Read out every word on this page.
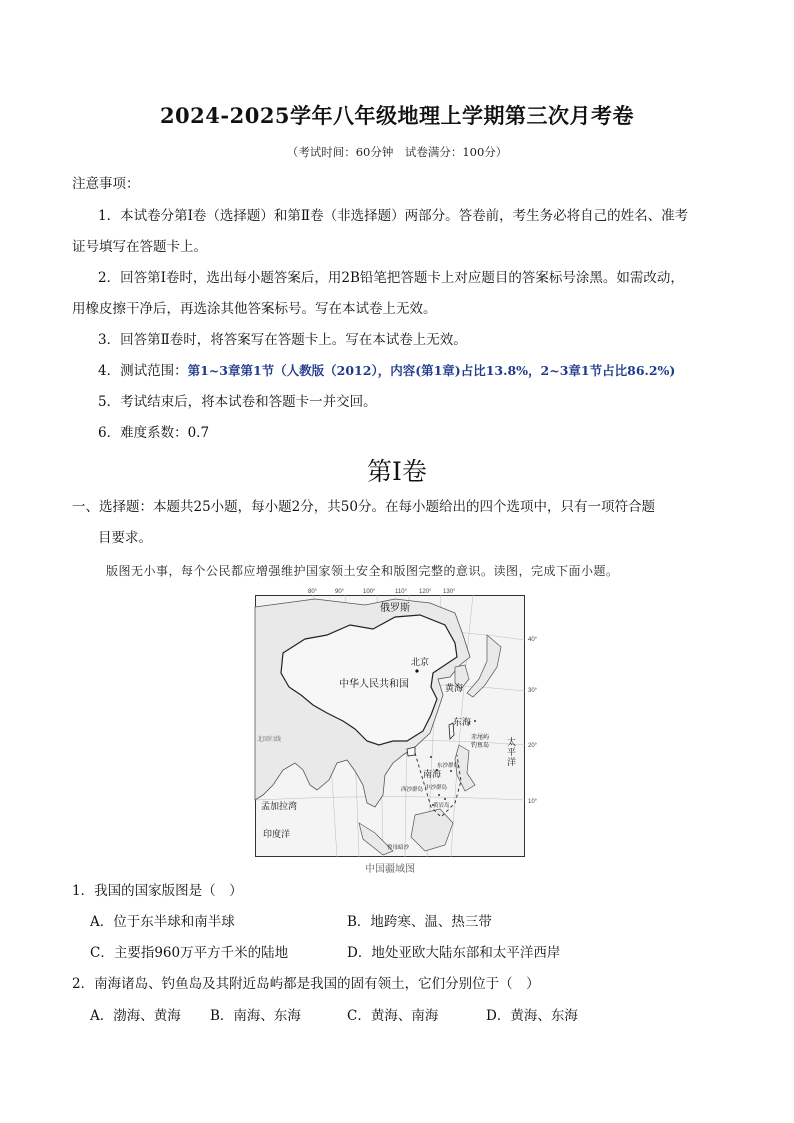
2024-2025学年八年级地理上学期第三次月考卷
（考试时间：60分钟　试卷满分：100分）
注意事项：
1．本试卷分第Ⅰ卷（选择题）和第Ⅱ卷（非选择题）两部分。答卷前，考生务必将自己的姓名、准考
证号填写在答题卡上。
2．回答第Ⅰ卷时，选出每小题答案后，用2B铅笔把答题卡上对应题目的答案标号涂黑。如需改动，
用橡皮擦干净后，再选涂其他答案标号。写在本试卷上无效。
3．回答第Ⅱ卷时，将答案写在答题卡上。写在本试卷上无效。
4．测试范围：第1~3章第1节（人教版（2012），内容(第1章)占比13.8%，2~3章1节占比86.2%)
5．考试结束后，将本试卷和答题卡一并交回。
6．难度系数：0.7
第Ⅰ卷
一、选择题：本题共25小题，每小题2分，共50分。在每小题给出的四个选项中，只有一项符合题
目要求。
版图无小事，每个公民都应增强维护国家领土安全和版图完整的意识。读图，完成下面小题。
80°	90°	100°	110° 120° 130°
40°
30°
20°
10°
俄罗斯
北京
中华人民共和国	黄海
东海
赤尾屿
钓鱼岛 太
平
洋
北回归线
南海
东沙群岛
西沙群岛 中沙群岛
黄岩岛
孟加拉湾
印度洋
曾母暗沙
中国疆域图
1．我国的国家版图是（　）
A．位于东半球和南半球	B．地跨寒、温、热三带
C．主要指960万平方千米的陆地	D．地处亚欧大陆东部和太平洋西岸
2．南海诸岛、钓鱼岛及其附近岛屿都是我国的固有领土，它们分别位于（　）
A．渤海、黄海 B．南海、东海	C．黄海、南海	D．黄海、东海
